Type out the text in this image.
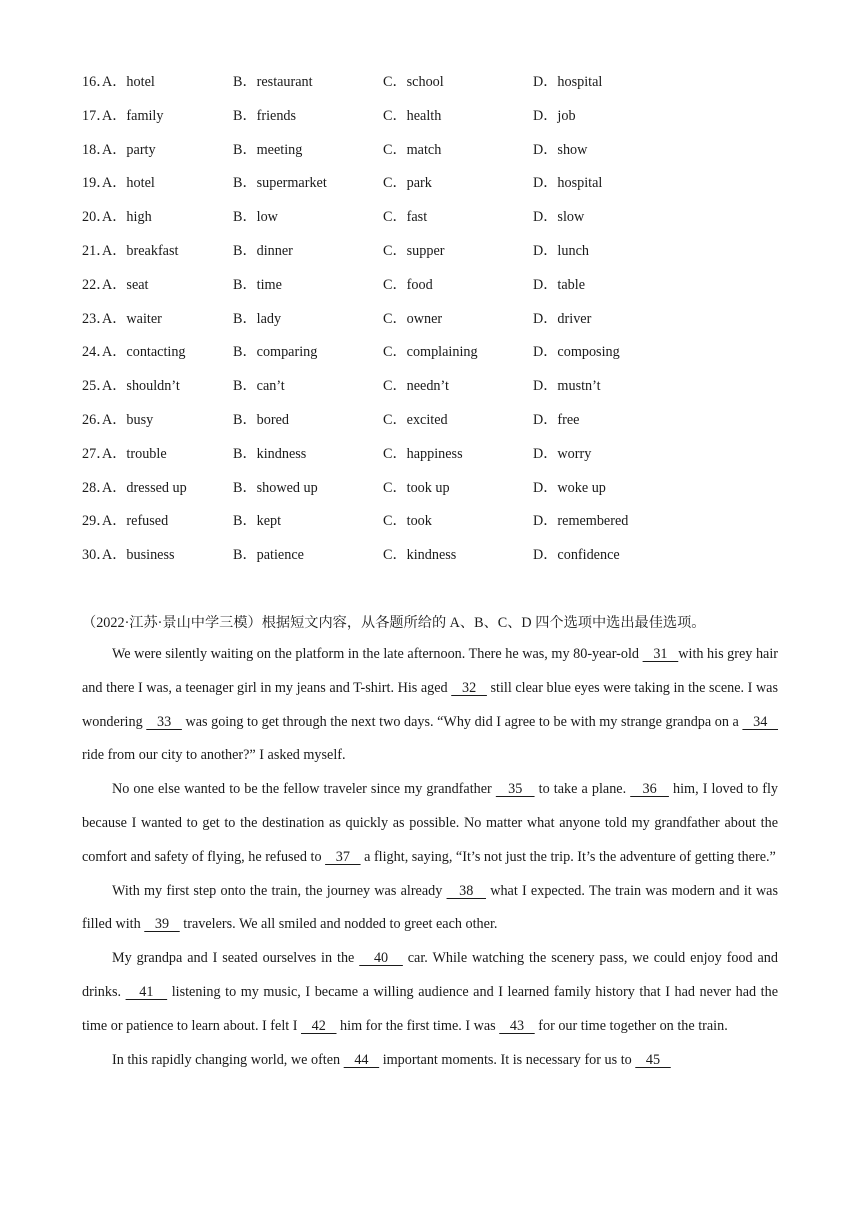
16．
A．hotel	B．restaurant	C．school	D．hospital
17．
A．family	B．friends	C．health	D．job
18．
A．party	B．meeting	C．match	D．show
19．
A．hotel	B．supermarket	C．park	D．hospital
20．
A．high	B．low	C．fast	D．slow
21．
A．breakfast	B．dinner	C．supper	D．lunch
22．
A．seat	B．time	C．food	D．table
23．
A．waiter	B．lady	C．owner	D．driver
24．
A．contacting	B．comparing	C．complaining	D．composing
25．
A．shouldn’t	B．can’t	C．needn’t	D．mustn’t
26．
A．busy	B．bored	C．excited	D．free
27．
A．trouble	B．kindness	C．happiness	D．worry
28．
A．dressed up	B．showed up	C．took up	D．woke up
29．
A．refused	B．kept	C．took	D．remembered
30．
A．business	B．patience	C．kindness	D．confidence
（2022·江苏·景山中学三模）根据短文内容，从各题所给的 A、B、C、D 四个选项中选出最佳选项。

We were silently waiting on the platform in the late afternoon. There he was, my 80-year-old    31   with his grey hair and there I was, a teenager girl in my jeans and T-shirt. His aged    32    still clear blue eyes were taking in the scene. I was wondering    33    was going to get through the next two days. “Why did I agree to be with my strange grandpa on a    34    ride from our city to another?” I asked myself.

No one else wanted to be the fellow traveler since my grandfather    35    to take a plane.    36    him, I loved to fly because I wanted to get to the destination as quickly as possible. No matter what anyone told my grandfather about the comfort and safety of flying, he refused to    37    a flight, saying, “It’s not just the trip. It’s the adventure of getting there.”

With my first step onto the train, the journey was already    38    what I expected. The train was modern and it was filled with    39    travelers. We all smiled and nodded to greet each other.

My grandpa and I seated ourselves in the    40    car. While watching the scenery pass, we could enjoy food and drinks.    41    listening to my music, I became a willing audience and I learned family history that I had never had the time or patience to learn about. I felt I    42    him for the first time. I was    43    for our time together on the train.

In this rapidly changing world, we often    44    important moments. It is necessary for us to    45
